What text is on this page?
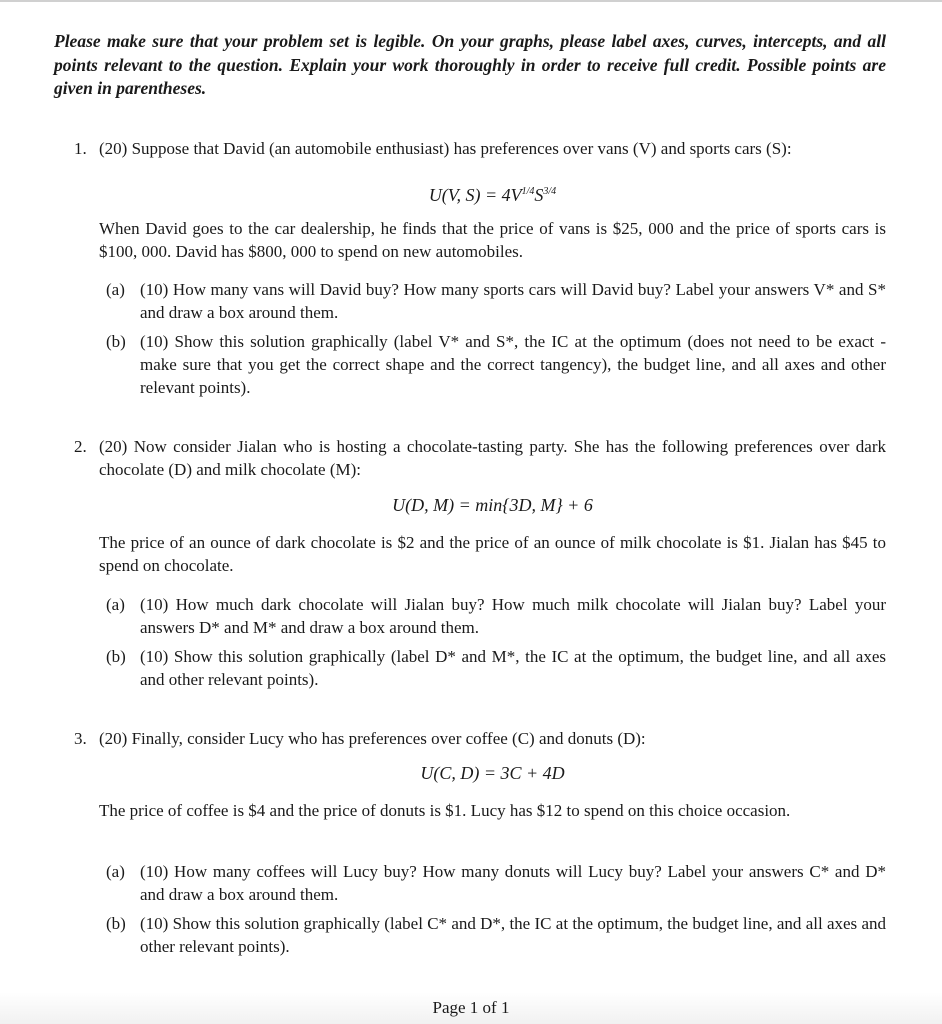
Please make sure that your problem set is legible. On your graphs, please label axes, curves, intercepts, and all points relevant to the question. Explain your work thoroughly in order to receive full credit. Possible points are given in parentheses.
1. (20) Suppose that David (an automobile enthusiast) has preferences over vans (V) and sports cars (S):
U(V, $S) = 4V^{1/4}S^{3/4}$
When David goes to the car dealership, he finds that the price of vans is $25, 000 and the price of sports cars is $100, 000. David has $800, 000 to spend on new automobiles.
(a) (10) How many vans will David buy? How many sports cars will David buy? Label your answers V* and S* and draw a box around them.
(b) (10) Show this solution graphically (label V* and S*, the IC at the optimum (does not need to be exact - make sure that you get the correct shape and the correct tangency), the budget line, and all axes and other relevant points).
2. (20) Now consider Jialan who is hosting a chocolate-tasting party. She has the following preferences over dark chocolate (D) and milk chocolate (M):
U(D, M) = min{3D, M} + 6
The price of an ounce of dark chocolate is $2 and the price of an ounce of milk chocolate is $1. Jialan has $45 to spend on chocolate.
(a) (10) How much dark chocolate will Jialan buy? How much milk chocolate will Jialan buy? Label your answers D* and M* and draw a box around them.
(b) (10) Show this solution graphically (label D* and M*, the IC at the optimum, the budget line, and all axes and other relevant points).
3. (20) Finally, consider Lucy who has preferences over coffee (C) and donuts (D):
U(C, D) = 3C + 4D
The price of coffee is $4 and the price of donuts is $1. Lucy has $12 to spend on this choice occasion.
(a) (10) How many coffees will Lucy buy? How many donuts will Lucy buy? Label your answers C* and D* and draw a box around them.
(b) (10) Show this solution graphically (label C* and D*, the IC at the optimum, the budget line, and all axes and other relevant points).
Page 1 of 1
